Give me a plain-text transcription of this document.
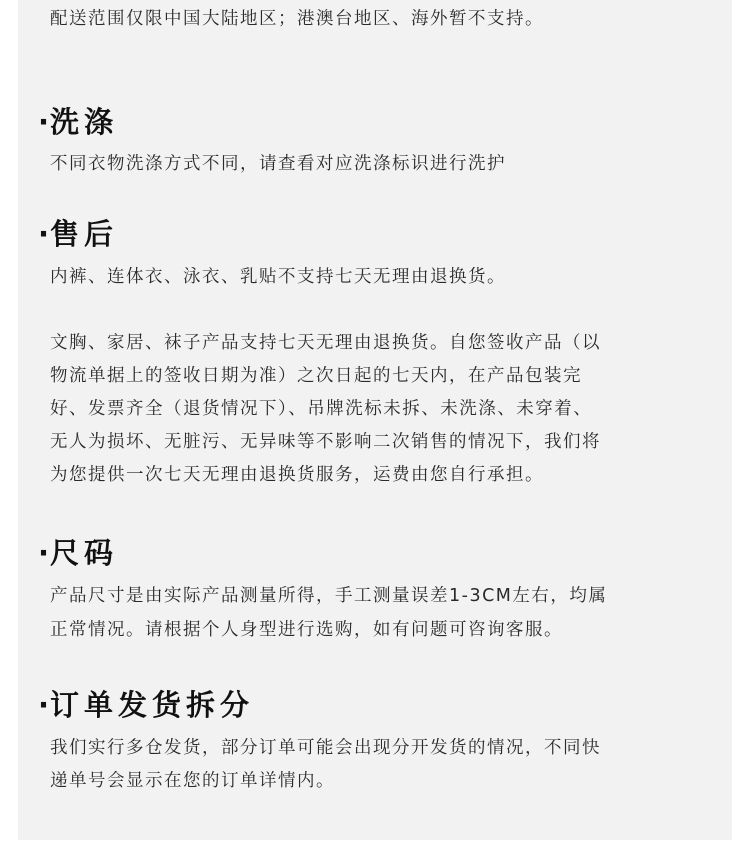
配送范围仅限中国大陆地区；港澳台地区、海外暂不支持。
·洗涤
不同衣物洗涤方式不同，请查看对应洗涤标识进行洗护
·售后
内裤、连体衣、泳衣、乳贴不支持七天无理由退换货。
文胸、家居、袜子产品支持七天无理由退换货。自您签收产品（以
物流单据上的签收日期为准）之次日起的七天内，在产品包装完
好、发票齐全（退货情况下）、吊牌洗标未拆、未洗涤、未穿着、
无人为损坏、无脏污、无异味等不影响二次销售的情况下，我们将
为您提供一次七天无理由退换货服务，运费由您自行承担。
·尺码
产品尺寸是由实际产品测量所得，手工测量误差1-3CM左右，均属
正常情况。请根据个人身型进行选购，如有问题可咨询客服。
·订单发货拆分
我们实行多仓发货，部分订单可能会出现分开发货的情况，不同快
递单号会显示在您的订单详情内。
